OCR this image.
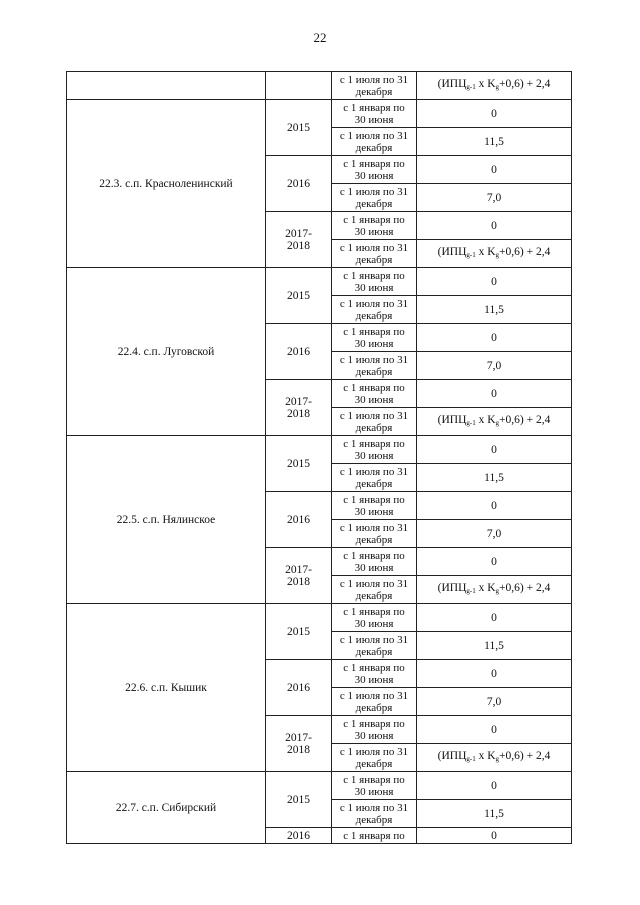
22
		с 1 июля по 31
декабря	($ИПЦ_{g-1}$ х $K_g+0,6) + 2,4$
22.3. с.п. Красноленинский	2015	с 1 января по
30 июня	0
		с 1 июля по 31
декабря	11,5
	2016	с 1 января по
30 июня	0
		с 1 июля по 31
декабря	7,0
	2017-
2018	с 1 января по
30 июня	0
		с 1 июля по 31
декабря	($ИПЦ_{g-1}$ х $K_g+0,6) + 2,4$
22.4. с.п. Луговской	2015	с 1 января по
30 июня	0
		с 1 июля по 31
декабря	11,5
	2016	с 1 января по
30 июня	0
		с 1 июля по 31
декабря	7,0
	2017-
2018	с 1 января по
30 июня	0
		с 1 июля по 31
декабря	($ИПЦ_{g-1}$ х $K_g+0,6) + 2,4$
22.5. с.п. Нялинское	2015	с 1 января по
30 июня	0
		с 1 июля по 31
декабря	11,5
	2016	с 1 января по
30 июня	0
		с 1 июля по 31
декабря	7,0
	2017-
2018	с 1 января по
30 июня	0
		с 1 июля по 31
декабря	($ИПЦ_{g-1}$ х $K_g+0,6) + 2,4$
22.6. с.п. Кышик	2015	с 1 января по
30 июня	0
		с 1 июля по 31
декабря	11,5
	2016	с 1 января по
30 июня	0
		с 1 июля по 31
декабря	7,0
	2017-
2018	с 1 января по
30 июня	0
		с 1 июля по 31
декабря	($ИПЦ_{g-1}$ х $K_g+0,6) + 2,4$
22.7. с.п. Сибирский	2015	с 1 января по
30 июня	0
		с 1 июля по 31
декабря	11,5
	2016	с 1 января по	0
